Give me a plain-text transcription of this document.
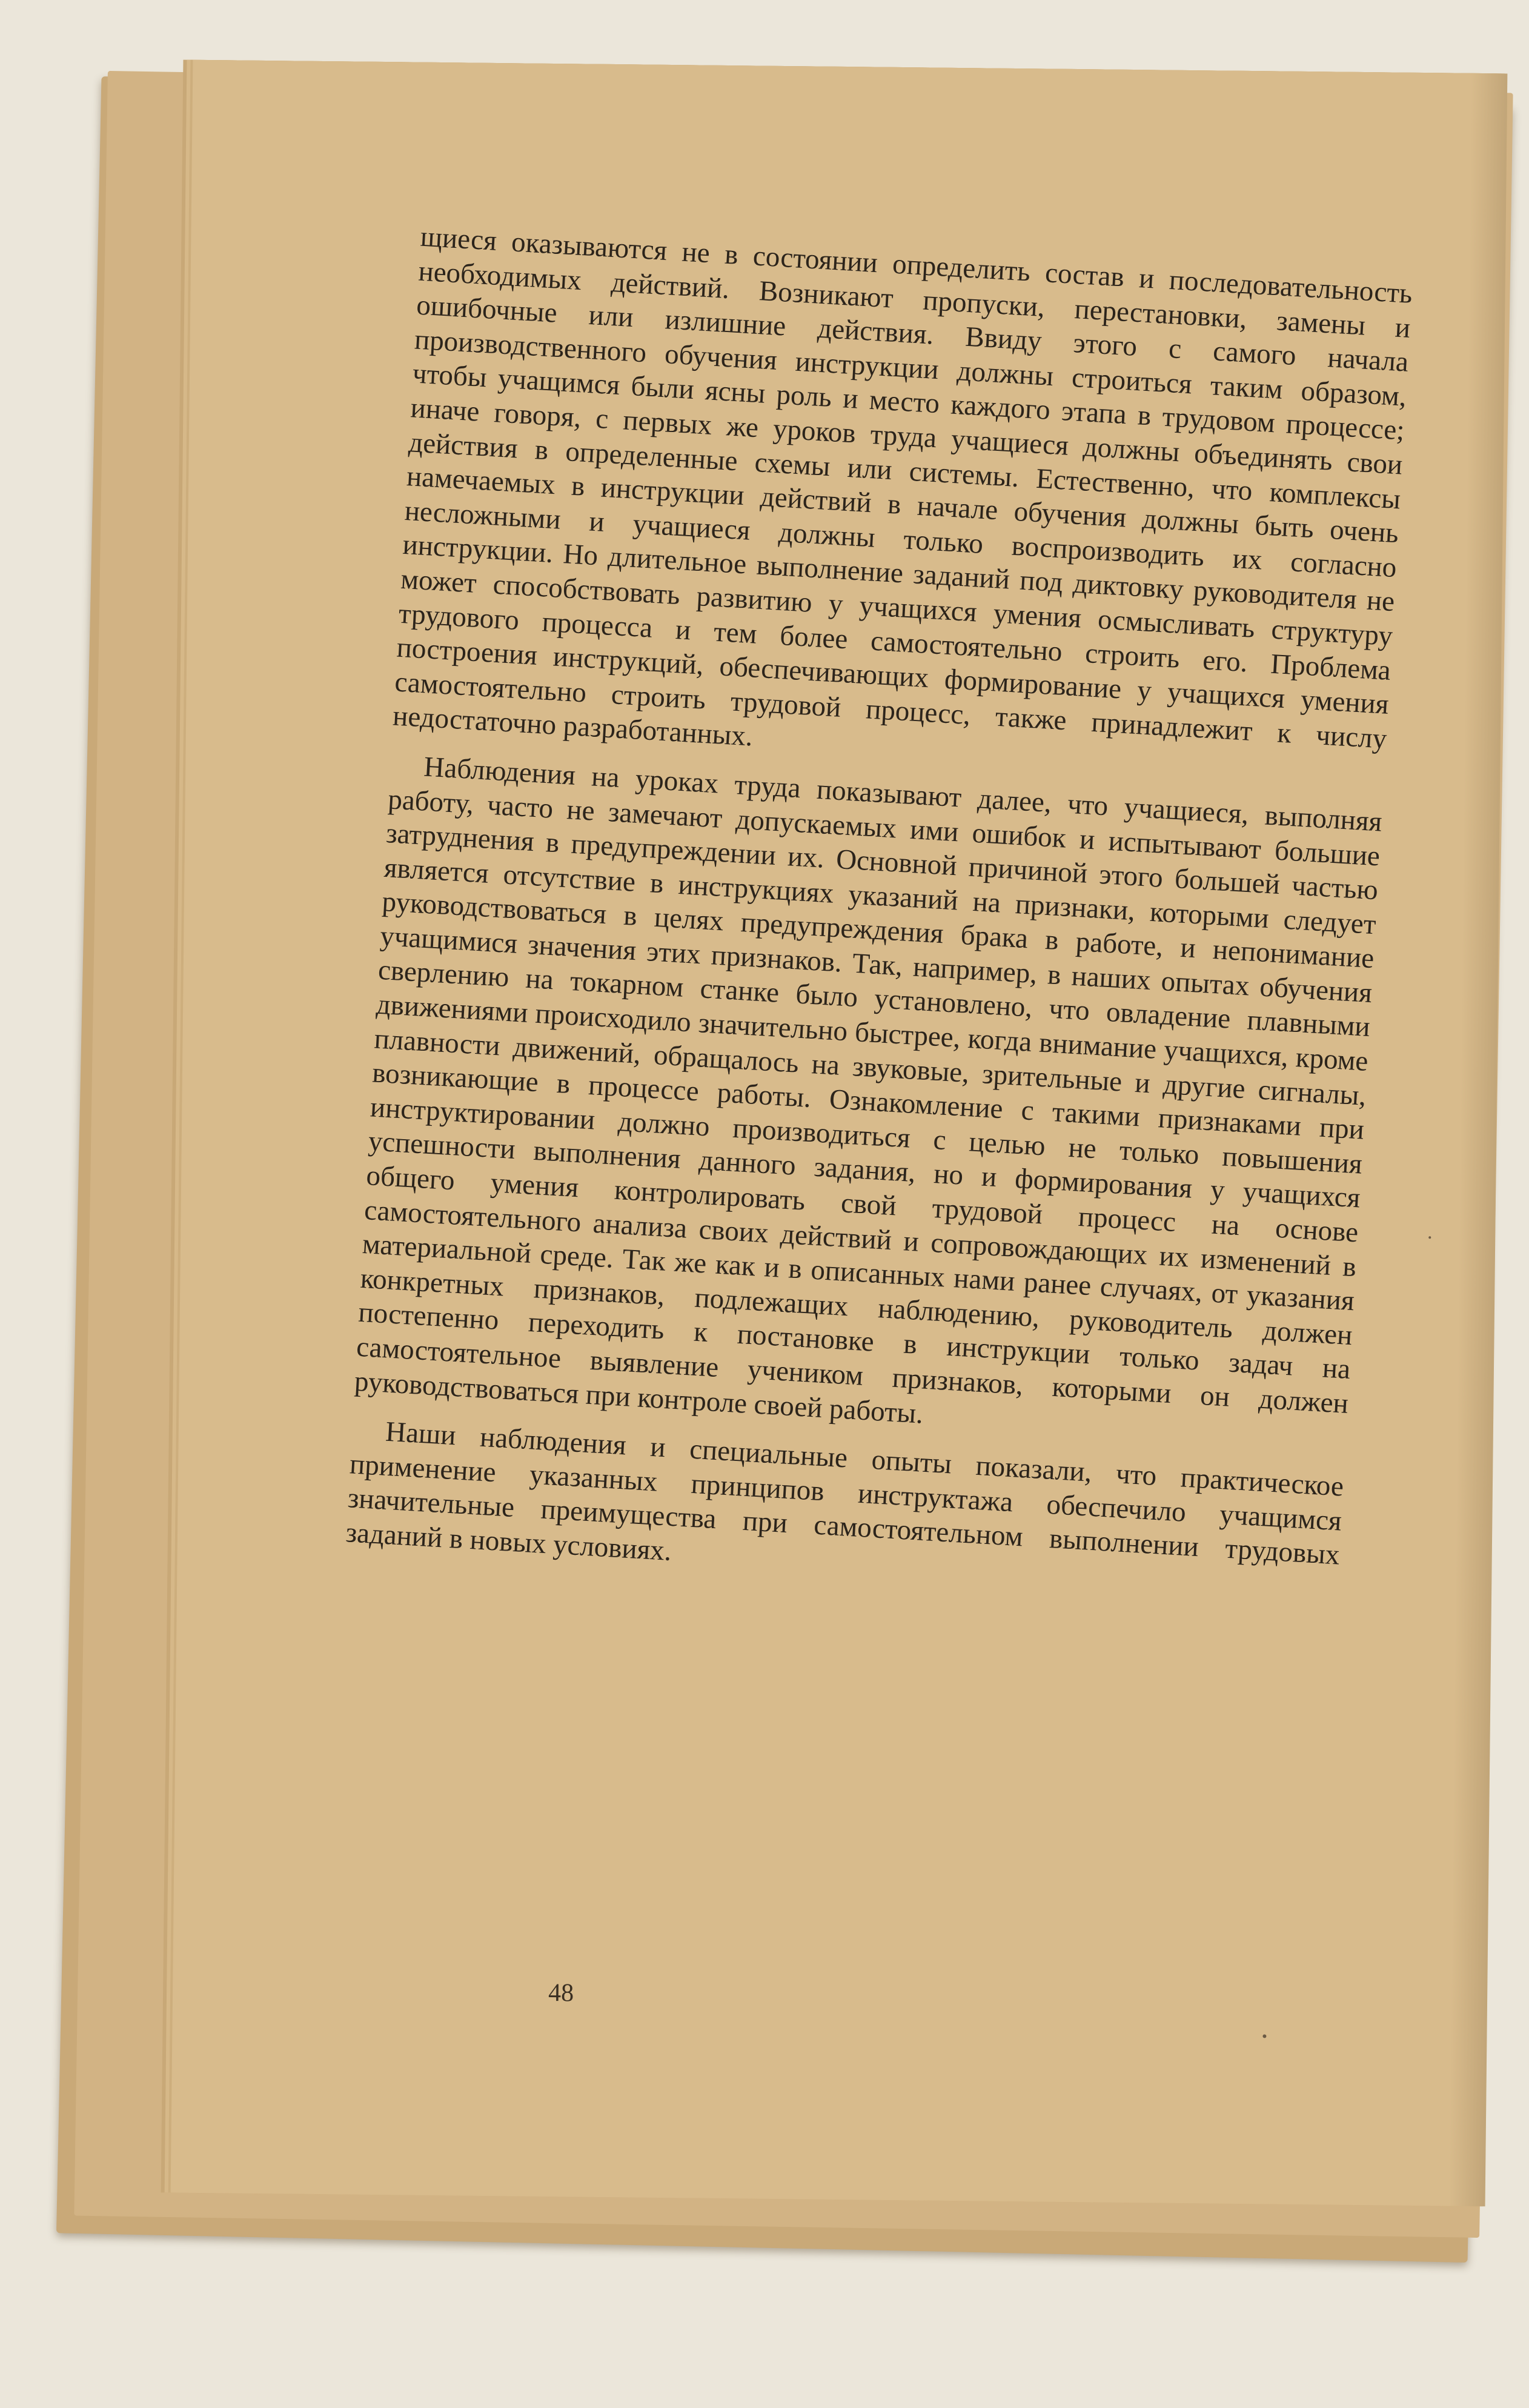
щиеся оказываются не в состоянии определить состав и последовательность необходимых действий. Возникают пропуски, перестановки, замены и ошибочные или излишние действия. Ввиду этого с самого начала производственного обучения инструкции должны строиться таким образом, чтобы учащимся были ясны роль и место каждого этапа в трудовом процессе; иначе говоря, с первых же уроков труда учащиеся должны объединять свои действия в определенные схемы или системы. Естественно, что комплексы намечаемых в инструкции действий в начале обучения должны быть очень несложными и учащиеся должны только воспроизводить их согласно инструкции. Но длительное выполнение заданий под диктовку руководителя не может способствовать развитию у учащихся умения осмысливать структуру трудового процесса и тем более самостоятельно строить его. Проблема построения инструкций, обеспечивающих формирование у учащихся умения самостоятельно строить трудовой процесс, также принадлежит к числу недостаточно разработанных.

Наблюдения на уроках труда показывают далее, что учащиеся, выполняя работу, часто не замечают допускаемых ими ошибок и испытывают большие затруднения в предупреждении их. Основной причиной этого большей частью является отсутствие в инструкциях указаний на признаки, которыми следует руководствоваться в целях предупреждения брака в работе, и непонимание учащимися значения этих признаков. Так, например, в наших опытах обучения сверлению на токарном станке было установлено, что овладение плавными движениями происходило значительно быстрее, когда внимание учащихся, кроме плавности движений, обращалось на звуковые, зрительные и другие сигналы, возникающие в процессе работы. Ознакомление с такими признаками при инструктировании должно производиться с целью не только повышения успешности выполнения данного задания, но и формирования у учащихся общего умения контролировать свой трудовой процесс на основе самостоятельного анализа своих действий и сопровождающих их изменений в материальной среде. Так же как и в описанных нами ранее случаях, от указания конкретных признаков, подлежащих наблюдению, руководитель должен постепенно переходить к постановке в инструкции только задач на самостоятельное выявление учеником признаков, которыми он должен руководствоваться при контроле своей работы.

Наши наблюдения и специальные опыты показали, что практическое применение указанных принципов инструктажа обеспечило учащимся значительные преимущества при самостоятельном выполнении трудовых заданий в новых условиях.

48
